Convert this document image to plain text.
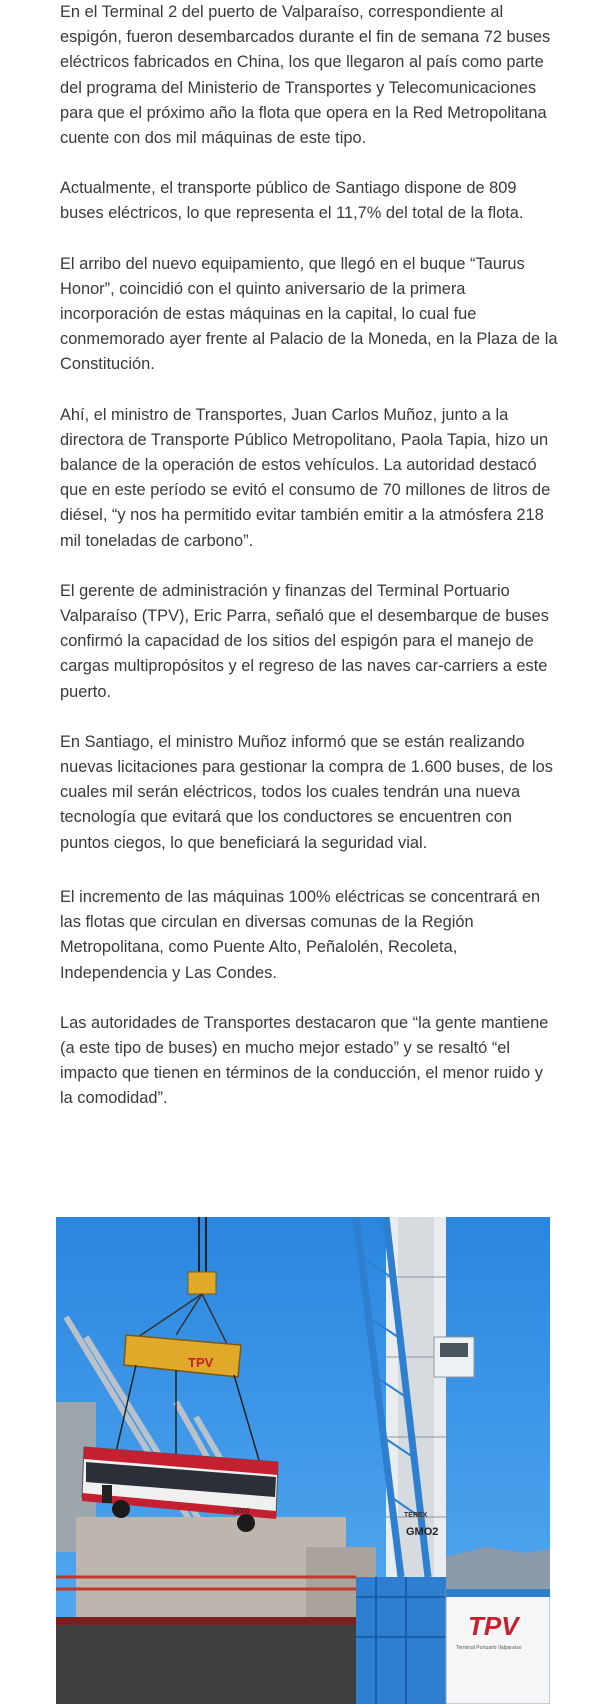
En el Terminal 2 del puerto de Valparaíso, correspondiente al espigón, fueron desembarcados durante el fin de semana 72 buses eléctricos fabricados en China, los que llegaron al país como parte del programa del Ministerio de Transportes y Telecomunicaciones para que el próximo año la flota que opera en la Red Metropolitana cuente con dos mil máquinas de este tipo.

Actualmente, el transporte público de Santiago dispone de 809 buses eléctricos, lo que representa el 11,7% del total de la flota.

El arribo del nuevo equipamiento, que llegó en el buque “Taurus Honor”, coincidió con el quinto aniversario de la primera incorporación de estas máquinas en la capital, lo cual fue conmemorado ayer frente al Palacio de la Moneda, en la Plaza de la Constitución.

Ahí, el ministro de Transportes, Juan Carlos Muñoz, junto a la directora de Transporte Público Metropolitano, Paola Tapia, hizo un balance de la operación de estos vehículos. La autoridad destacó que en este período se evitó el consumo de 70 millones de litros de diésel, “y nos ha permitido evitar también emitir a la atmósfera 218 mil toneladas de carbono”.

El gerente de administración y finanzas del Terminal Portuario Valparaíso (TPV), Eric Parra, señaló que el desembarque de buses confirmó la capacidad de los sitios del espigón para el manejo de cargas multipropósitos y el regreso de las naves car-carriers a este puerto.

En Santiago, el ministro Muñoz informó que se están realizando nuevas licitaciones para gestionar la compra de 1.600 buses, de los cuales mil serán eléctricos, todos los cuales tendrán una nueva tecnología que evitará que los conductores se encuentren con puntos ciegos, lo que beneficiará la seguridad vial.

El incremento de las máquinas 100% eléctricas se concentrará en las flotas que circulan en diversas comunas de la Región Metropolitana, como Puente Alto, Peñalolén, Recoleta, Independencia y Las Condes.

Las autoridades de Transportes destacaron que “la gente mantiene (a este tipo de buses) en mucho mejor estado” y se resaltó “el impacto que tienen en términos de la conducción, el menor ruido y la comodidad”.

TPV
0000
TEREX
GMO2
TPV
Terminal Portuario Valparaíso
